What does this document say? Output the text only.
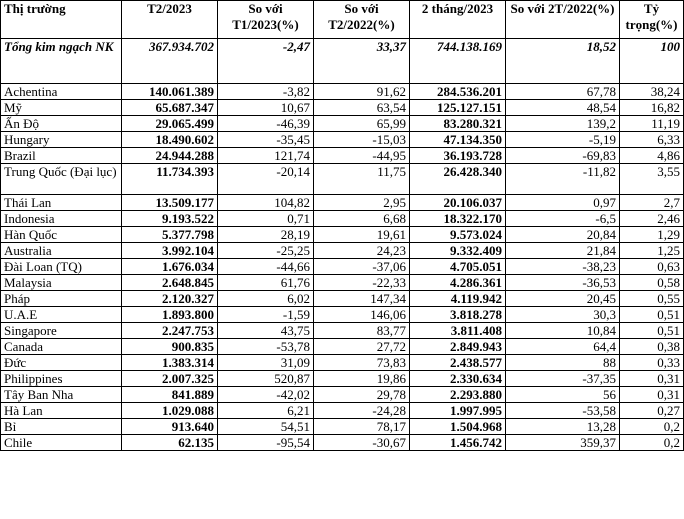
Thị trường	T2/2023	So với T1/2023(%)	So với T2/2022(%)	2 tháng/2023	So với 2T/2022(%)	Tỷ trọng(%)
Tổng kim ngạch NK	367.934.702	-2,47	33,37	744.138.169	18,52	100
Achentina	140.061.389	-3,82	91,62	284.536.201	67,78	38,24
Mỹ	65.687.347	10,67	63,54	125.127.151	48,54	16,82
Ấn Độ	29.065.499	-46,39	65,99	83.280.321	139,2	11,19
Hungary	18.490.602	-35,45	-15,03	47.134.350	-5,19	6,33
Brazil	24.944.288	121,74	-44,95	36.193.728	-69,83	4,86
Trung Quốc (Đại lục)	11.734.393	-20,14	11,75	26.428.340	-11,82	3,55
Thái Lan	13.509.177	104,82	2,95	20.106.037	0,97	2,7
Indonesia	9.193.522	0,71	6,68	18.322.170	-6,5	2,46
Hàn Quốc	5.377.798	28,19	19,61	9.573.024	20,84	1,29
Australia	3.992.104	-25,25	24,23	9.332.409	21,84	1,25
Đài Loan (TQ)	1.676.034	-44,66	-37,06	4.705.051	-38,23	0,63
Malaysia	2.648.845	61,76	-22,33	4.286.361	-36,53	0,58
Pháp	2.120.327	6,02	147,34	4.119.942	20,45	0,55
U.A.E	1.893.800	-1,59	146,06	3.818.278	30,3	0,51
Singapore	2.247.753	43,75	83,77	3.811.408	10,84	0,51
Canada	900.835	-53,78	27,72	2.849.943	64,4	0,38
Đức	1.383.314	31,09	73,83	2.438.577	88	0,33
Philippines	2.007.325	520,87	19,86	2.330.634	-37,35	0,31
Tây Ban Nha	841.889	-42,02	29,78	2.293.880	56	0,31
Hà Lan	1.029.088	6,21	-24,28	1.997.995	-53,58	0,27
Bỉ	913.640	54,51	78,17	1.504.968	13,28	0,2
Chile	62.135	-95,54	-30,67	1.456.742	359,37	0,2
